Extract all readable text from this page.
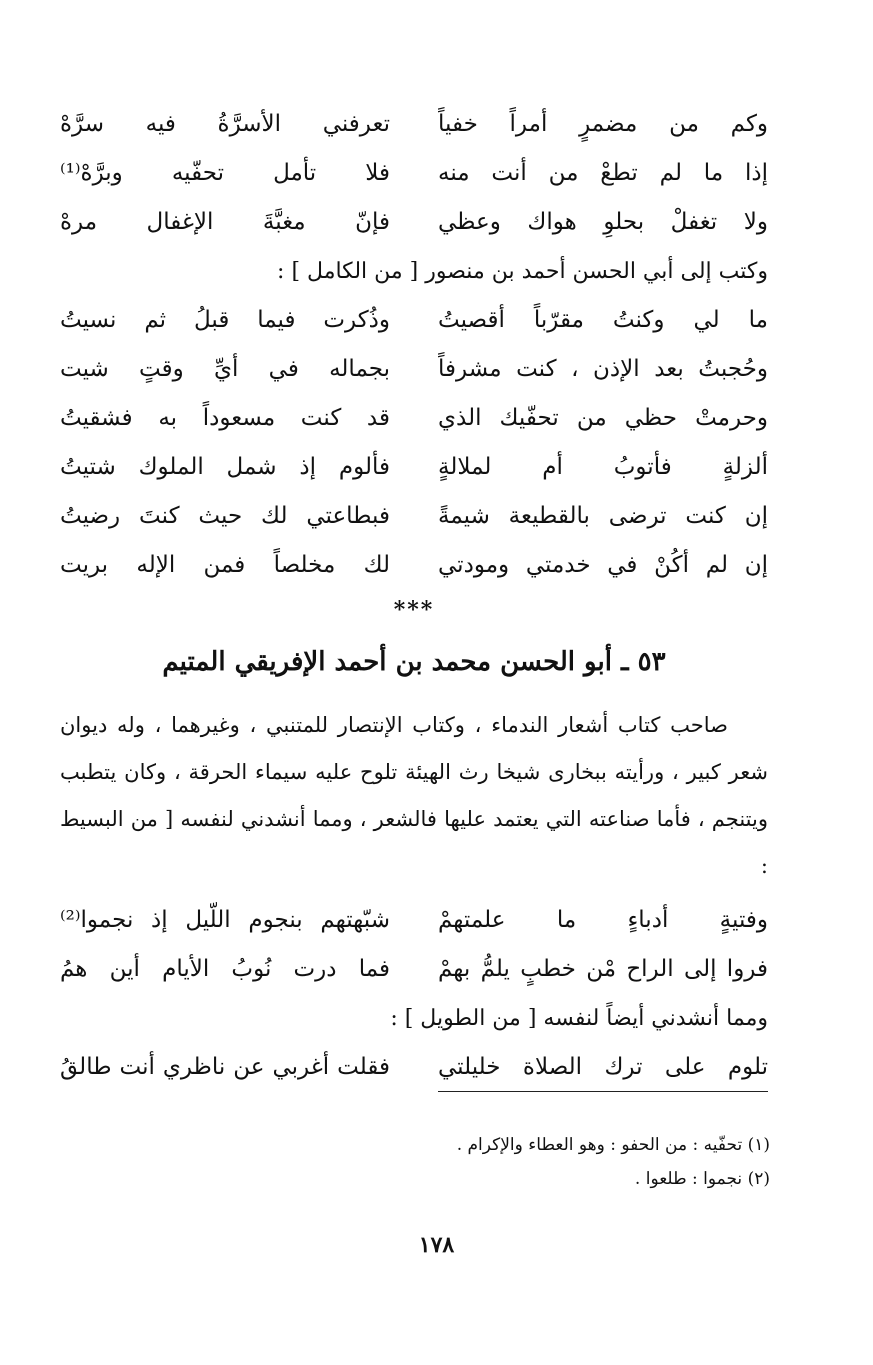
وكم من مضمرٍ أمراً خفياً
تعرفني الأسرَّةُ فيه سرَّهْ
إذا ما لم تطعْ من أنت منه
فلا تأمل تحفّيه وبرَّهْ⁽¹⁾
ولا تغفلْ بحلوِ هواك وعظي
فإنّ مغبَّةَ الإغفال مرهْ
وكتب إلى أبي الحسن أحمد بن منصور [ من الكامل ] :
ما لي وكنتُ مقرّباً أقصيتُ
وذُكرت فيما قبلُ ثم نسيتُ
وحُجبتُ بعد الإذن ، كنت مشرفاً
بجماله في أيِّ وقتٍ شيت
وحرمتْ حظي من تحفّيك الذي
قد كنت مسعوداً به فشقيتُ
ألزلةٍ فأتوبُ أم لملالةٍ
فألوم إذ شمل الملوك شتيتُ
إن كنت ترضى بالقطيعة شيمةً
فبطاعتي لك حيث كنتَ رضيتُ
إن لم أكُنْ في خدمتي ومودتي
لك مخلصاً فمن الإله بريت
***
٥٣ ـ أبو الحسن محمد بن أحمد الإفريقي المتيم
صاحب كتاب أشعار الندماء ، وكتاب الإنتصار للمتنبي ، وغيرهما ، وله ديوان شعر كبير ، ورأيته ببخارى شيخا رث الهيئة تلوح عليه سيماء الحرقة ، وكان يتطبب ويتنجم ، فأما صناعته التي يعتمد عليها فالشعر ، ومما أنشدني لنفسه [ من البسيط :
وفتيةٍ أدباءٍ ما علمتهمْ
شبّهتهم بنجوم اللّيل إذ نجموا⁽²⁾
فروا إلى الراح مْن خطبٍ يلمُّ بهمْ
فما درت نُوبُ الأيام أين همُ
ومما أنشدني أيضاً لنفسه [ من الطويل ] :
تلوم على ترك الصلاة خليلتي
فقلت أغربي عن ناظري أنت طالقُ
(١) تحفّيه : من الحفو : وهو العطاء والإكرام .
(٢) نجموا : طلعوا .
١٧٨
